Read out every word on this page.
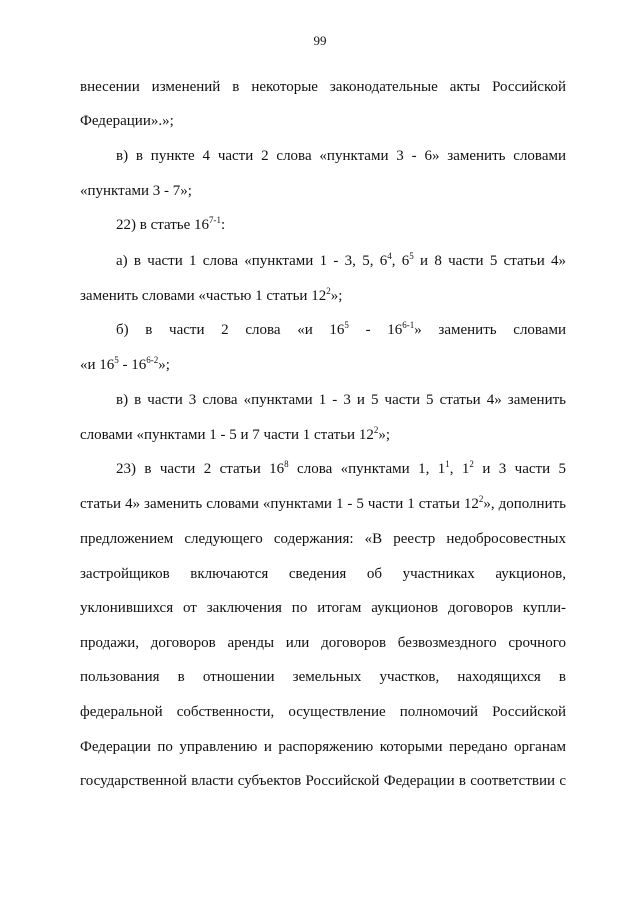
99
внесении изменений в некоторые законодательные акты Российской
Федерации».»;
в) в пункте 4 части 2 слова «пунктами 3 - 6» заменить словами
«пунктами 3 - 7»;
22) в статье 16$^{7-1}$:
а) в части 1 слова «пунктами 1 - 3, 5, $6^4$, $6^5$ и 8 части 5 статьи 4»
заменить словами «частью 1 статьи $12^2$»;
б) в части 2 слова «и $16^5 - 16^{6-1}$» заменить словами
«и $16^5 - 16^{6-2}$»;
в) в части 3 слова «пунктами 1 - 3 и 5 части 5 статьи 4» заменить
словами «пунктами 1 - 5 и 7 части 1 статьи $12^2$»;
23) в части 2 статьи $16^8$ слова «пунктами 1, $1^1$, $1^2$ и 3 части 5
статьи 4» заменить словами «пунктами 1 - 5 части 1 статьи $12^2$», дополнить
предложением следующего содержания: «В реестр недобросовестных
застройщиков включаются сведения об участниках аукционов,
уклонившихся от заключения по итогам аукционов договоров купли-
продажи, договоров аренды или договоров безвозмездного срочного
пользования в отношении земельных участков, находящихся в
федеральной собственности, осуществление полномочий Российской
Федерации по управлению и распоряжению которыми передано органам
государственной власти субъектов Российской Федерации в соответствии с
